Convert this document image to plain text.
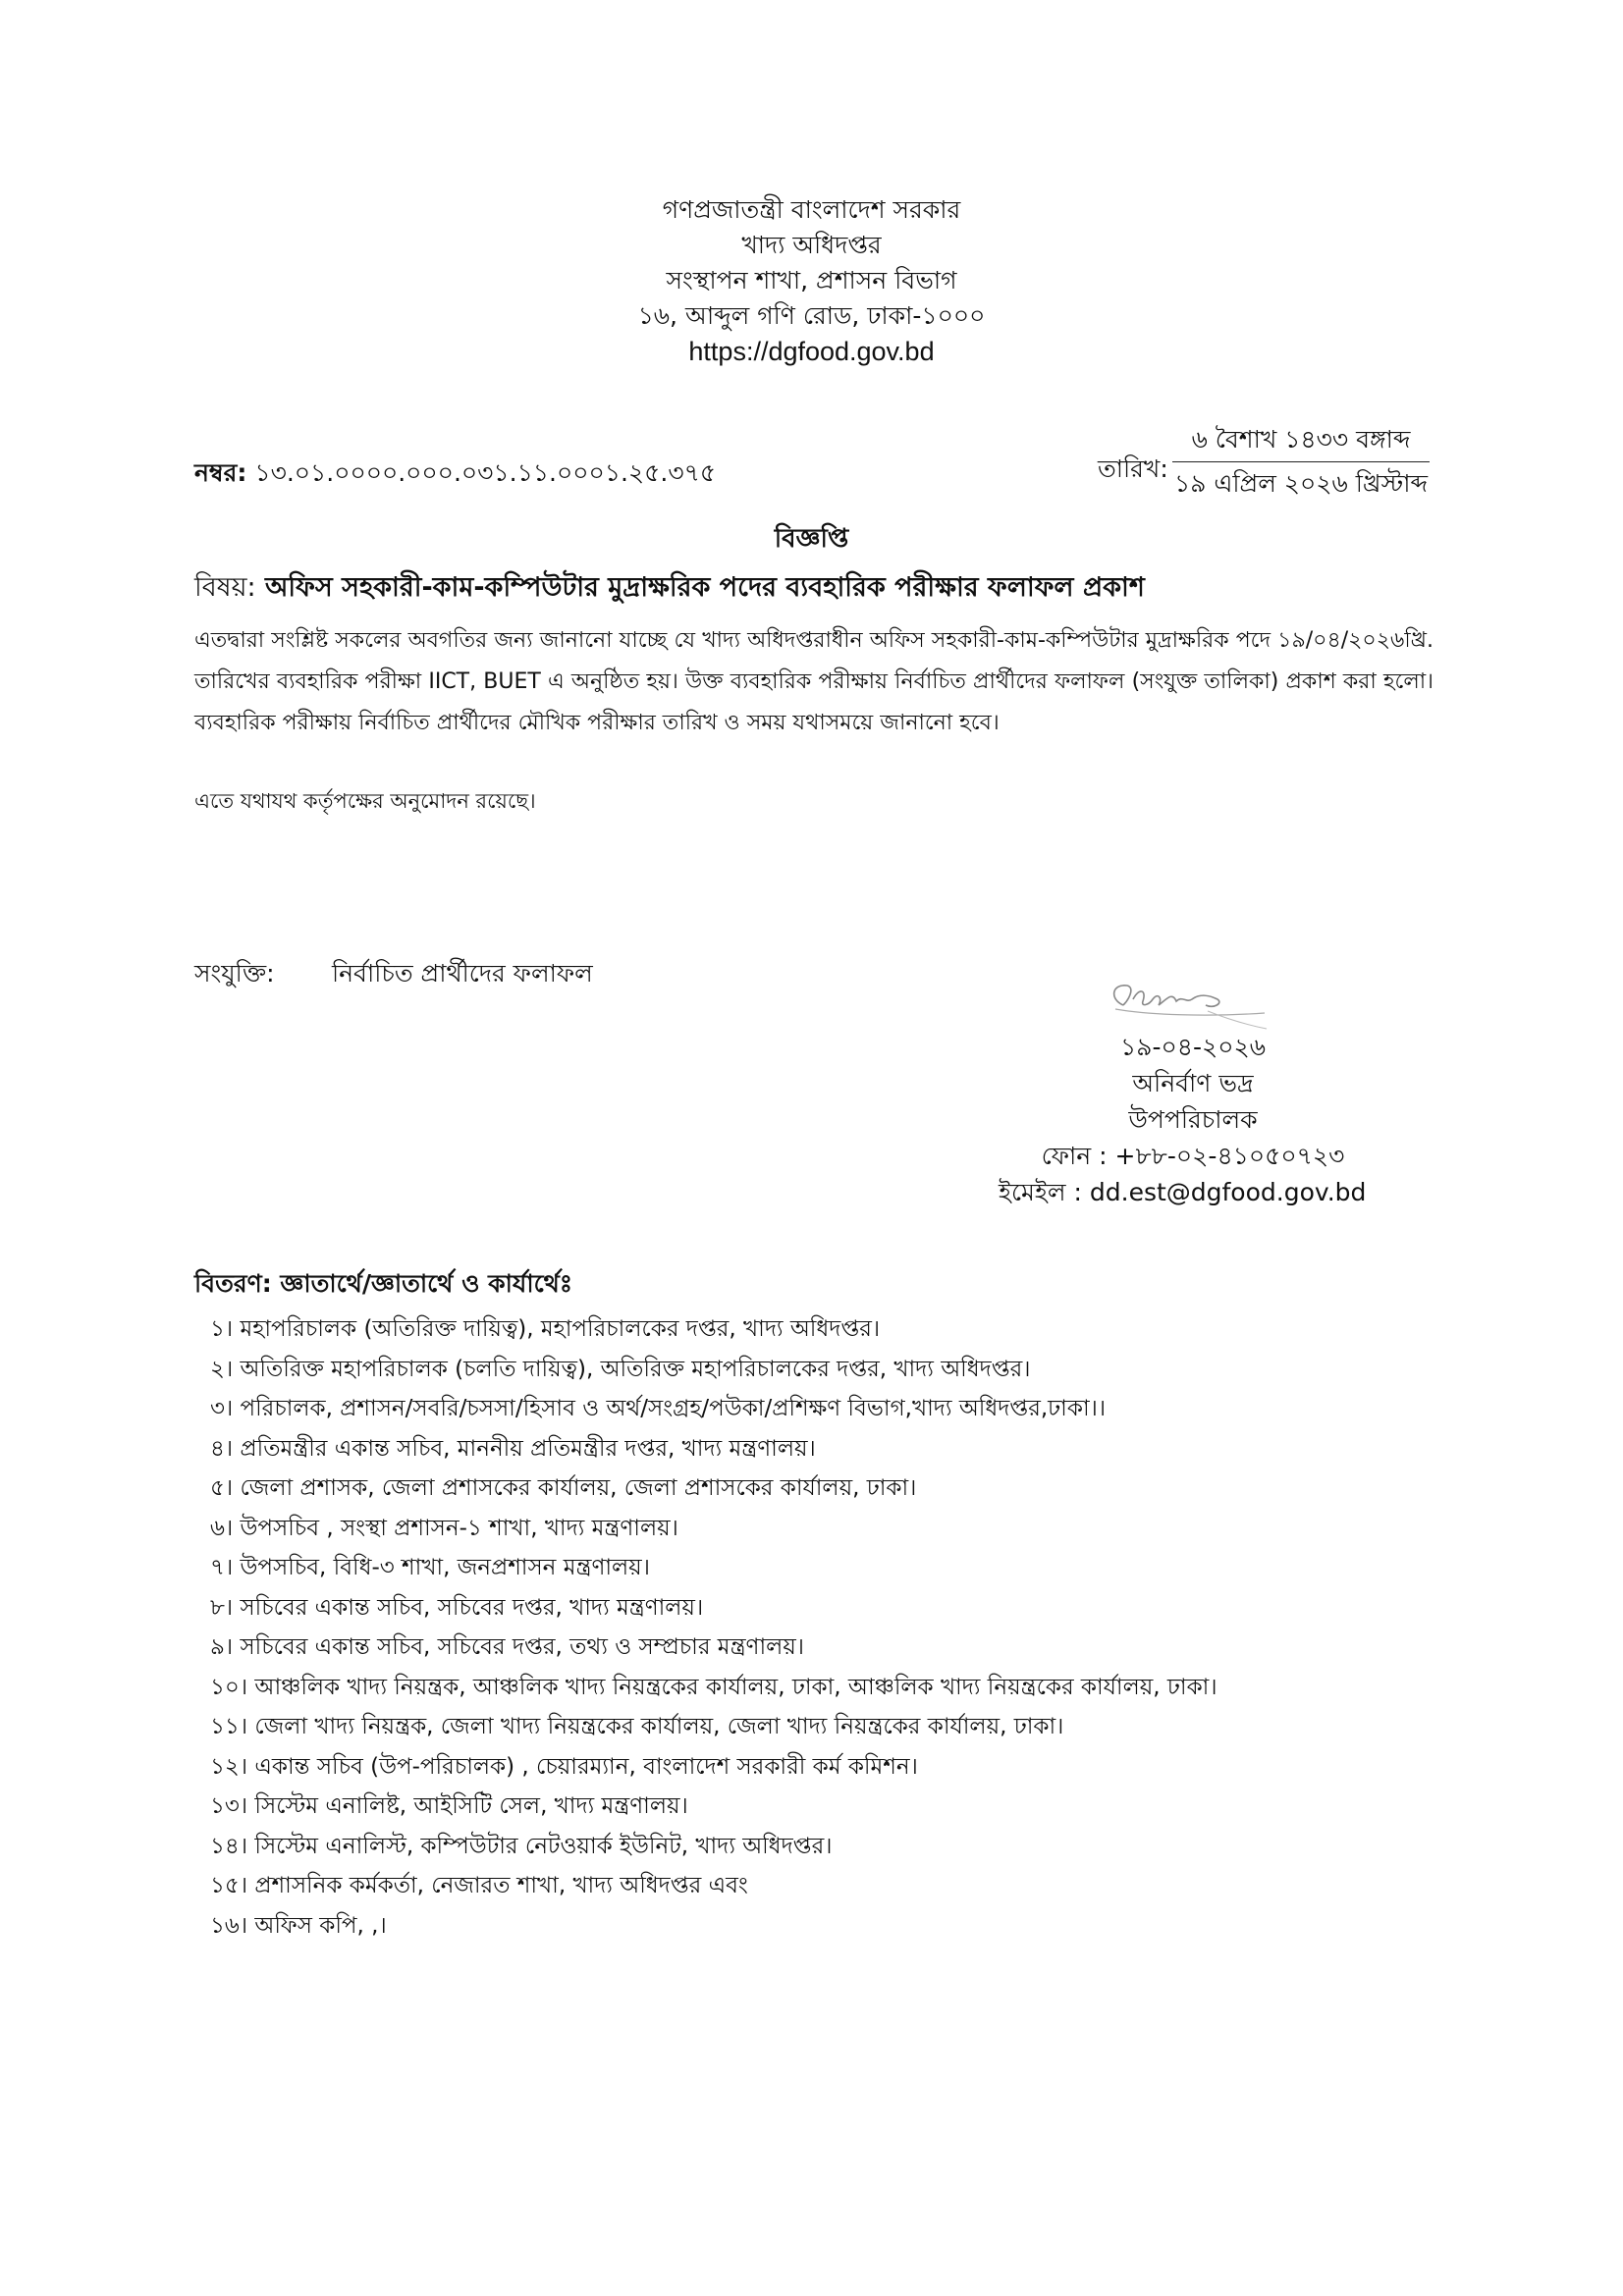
গণপ্রজাতন্ত্রী বাংলাদেশ সরকার
খাদ্য অধিদপ্তর
সংস্থাপন শাখা, প্রশাসন বিভাগ
১৬, আব্দুল গণি রোড, ঢাকা-১০০০
https://dgfood.gov.bd
নম্বর: ১৩.০১.০০০০.০০০.০৩১.১১.০০০১.২৫.৩৭৫	তারিখ:
৬ বৈশাখ ১৪৩৩ বঙ্গাব্দ
১৯ এপ্রিল ২০২৬ খ্রিস্টাব্দ
বিজ্ঞপ্তি
বিষয়: অফিস সহকারী-কাম-কম্পিউটার মুদ্রাক্ষরিক পদের ব্যবহারিক পরীক্ষার ফলাফল প্রকাশ
এতদ্বারা সংশ্লিষ্ট সকলের অবগতির জন্য জানানো যাচ্ছে যে খাদ্য অধিদপ্তরাধীন অফিস সহকারী-কাম-কম্পিউটার মুদ্রাক্ষরিক পদে ১৯/০৪/২০২৬খ্রি. তারিখের ব্যবহারিক পরীক্ষা IICT, BUET এ অনুষ্ঠিত হয়। উক্ত ব্যবহারিক পরীক্ষায় নির্বাচিত প্রার্থীদের ফলাফল (সংযুক্ত তালিকা) প্রকাশ করা হলো। ব্যবহারিক পরীক্ষায় নির্বাচিত প্রার্থীদের মৌখিক পরীক্ষার তারিখ ও সময় যথাসময়ে জানানো হবে।
এতে যথাযথ কর্তৃপক্ষের অনুমোদন রয়েছে।
সংযুক্তি: নির্বাচিত প্রার্থীদের ফলাফল
১৯-০৪-২০২৬
অনির্বাণ ভদ্র
উপপরিচালক
ফোন : +৮৮-০২-৪১০৫০৭২৩
ইমেইল : dd.est@dgfood.gov.bd
বিতরণ: জ্ঞাতার্থে/জ্ঞাতার্থে ও কার্যার্থেঃ
১। মহাপরিচালক (অতিরিক্ত দায়িত্ব), মহাপরিচালকের দপ্তর, খাদ্য অধিদপ্তর।
২। অতিরিক্ত মহাপরিচালক (চলতি দায়িত্ব), অতিরিক্ত মহাপরিচালকের দপ্তর, খাদ্য অধিদপ্তর।
৩। পরিচালক, প্রশাসন/সবরি/চসসা/হিসাব ও অর্থ/সংগ্রহ/পউকা/প্রশিক্ষণ বিভাগ,খাদ্য অধিদপ্তর,ঢাকা।।
৪। প্রতিমন্ত্রীর একান্ত সচিব, মাননীয় প্রতিমন্ত্রীর দপ্তর, খাদ্য মন্ত্রণালয়।
৫। জেলা প্রশাসক, জেলা প্রশাসকের কার্যালয়, জেলা প্রশাসকের কার্যালয়, ঢাকা।
৬। উপসচিব , সংস্থা প্রশাসন-১ শাখা, খাদ্য মন্ত্রণালয়।
৭। উপসচিব, বিধি-৩ শাখা, জনপ্রশাসন মন্ত্রণালয়।
৮। সচিবের একান্ত সচিব, সচিবের দপ্তর, খাদ্য মন্ত্রণালয়।
৯। সচিবের একান্ত সচিব, সচিবের দপ্তর, তথ্য ও সম্প্রচার মন্ত্রণালয়।
১০। আঞ্চলিক খাদ্য নিয়ন্ত্রক, আঞ্চলিক খাদ্য নিয়ন্ত্রকের কার্যালয়, ঢাকা, আঞ্চলিক খাদ্য নিয়ন্ত্রকের কার্যালয়, ঢাকা।
১১। জেলা খাদ্য নিয়ন্ত্রক, জেলা খাদ্য নিয়ন্ত্রকের কার্যালয়, জেলা খাদ্য নিয়ন্ত্রকের কার্যালয়, ঢাকা।
১২। একান্ত সচিব (উপ-পরিচালক) , চেয়ারম্যান, বাংলাদেশ সরকারী কর্ম কমিশন।
১৩। সিস্টেম এনালিষ্ট, আইসিটি সেল, খাদ্য মন্ত্রণালয়।
১৪। সিস্টেম এনালিস্ট, কম্পিউটার নেটওয়ার্ক ইউনিট, খাদ্য অধিদপ্তর।
১৫। প্রশাসনিক কর্মকর্তা, নেজারত শাখা, খাদ্য অধিদপ্তর এবং
১৬। অফিস কপি, ,।
